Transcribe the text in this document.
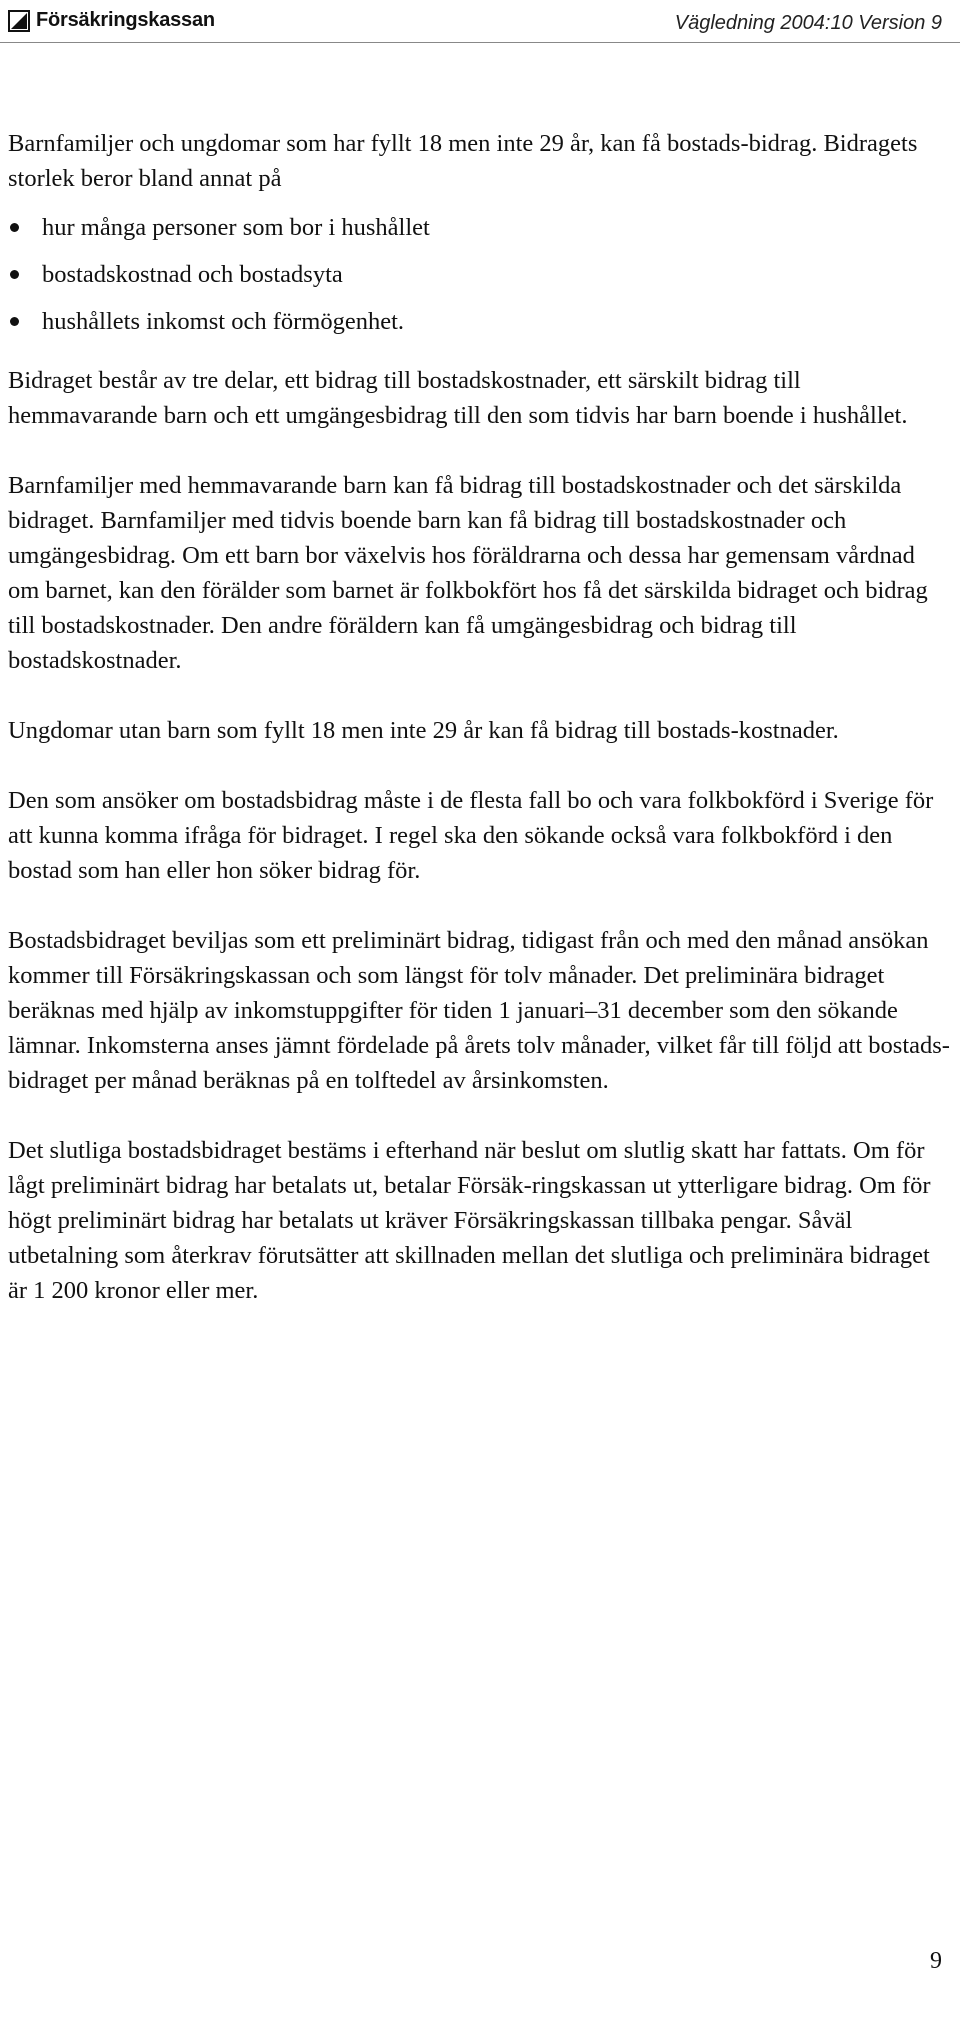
Försäkringskassan	Vägledning 2004:10 Version 9

Barnfamiljer och ungdomar som har fyllt 18 men inte 29 år, kan få bostads-bidrag. Bidragets storlek beror bland annat på

hur många personer som bor i hushållet
bostadskostnad och bostadsyta
hushållets inkomst och förmögenhet.

Bidraget består av tre delar, ett bidrag till bostadskostnader, ett särskilt bidrag till hemmavarande barn och ett umgängesbidrag till den som tidvis har barn boende i hushållet.

Barnfamiljer med hemmavarande barn kan få bidrag till bostadskostnader och det särskilda bidraget. Barnfamiljer med tidvis boende barn kan få bidrag till bostadskostnader och umgängesbidrag. Om ett barn bor växelvis hos föräldrarna och dessa har gemensam vårdnad om barnet, kan den förälder som barnet är folkbokfört hos få det särskilda bidraget och bidrag till bostadskostnader. Den andre föräldern kan få umgängesbidrag och bidrag till bostadskostnader.

Ungdomar utan barn som fyllt 18 men inte 29 år kan få bidrag till bostads-kostnader.

Den som ansöker om bostadsbidrag måste i de flesta fall bo och vara folkbokförd i Sverige för att kunna komma ifråga för bidraget. I regel ska den sökande också vara folkbokförd i den bostad som han eller hon söker bidrag för.

Bostadsbidraget beviljas som ett preliminärt bidrag, tidigast från och med den månad ansökan kommer till Försäkringskassan och som längst för tolv månader. Det preliminära bidraget beräknas med hjälp av inkomstuppgifter för tiden 1 januari–31 december som den sökande lämnar. Inkomsterna anses jämnt fördelade på årets tolv månader, vilket får till följd att bostads-bidraget per månad beräknas på en tolftedel av årsinkomsten.

Det slutliga bostadsbidraget bestäms i efterhand när beslut om slutlig skatt har fattats. Om för lågt preliminärt bidrag har betalats ut, betalar Försäk-ringskassan ut ytterligare bidrag. Om för högt preliminärt bidrag har betalats ut kräver Försäkringskassan tillbaka pengar. Såväl utbetalning som återkrav förutsätter att skillnaden mellan det slutliga och preliminära bidraget är 1 200 kronor eller mer.

9
